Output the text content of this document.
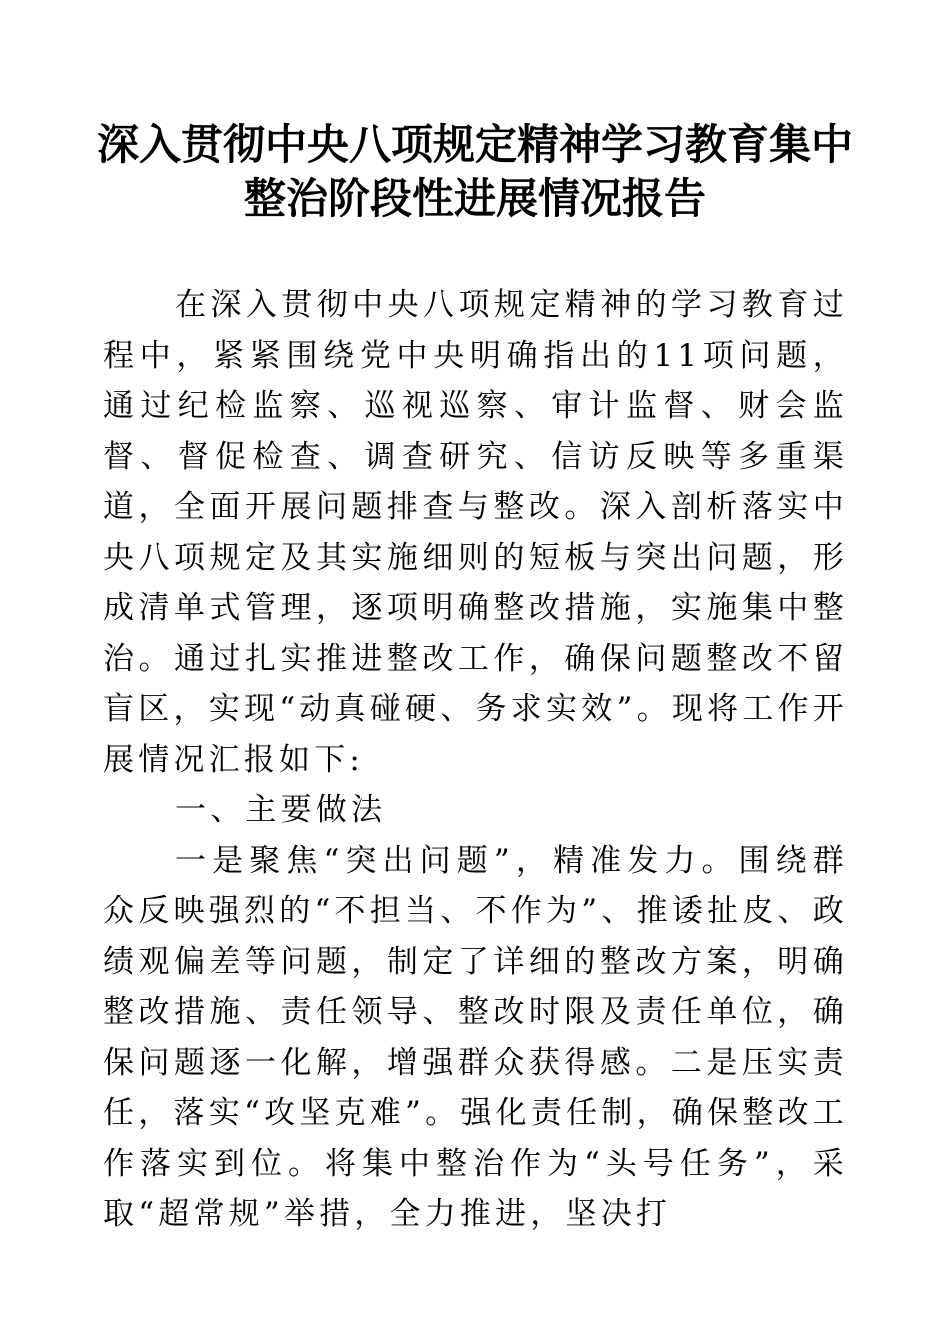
深入贯彻中央八项规定精神学习教育集中
整治阶段性进展情况报告

在深入贯彻中央八项规定精神的学习教育过程中，紧紧围绕党中央明确指出的11项问题，通过纪检监察、巡视巡察、审计监督、财会监督、督促检查、调查研究、信访反映等多重渠道，全面开展问题排查与整改。深入剖析落实中央八项规定及其实施细则的短板与突出问题，形成清单式管理，逐项明确整改措施，实施集中整治。通过扎实推进整改工作，确保问题整改不留盲区，实现“动真碰硬、务求实效”。现将工作开展情况汇报如下:

一、主要做法

一是聚焦“突出问题”，精准发力。围绕群众反映强烈的“不担当、不作为”、推诿扯皮、政绩观偏差等问题，制定了详细的整改方案，明确整改措施、责任领导、整改时限及责任单位，确保问题逐一化解，增强群众获得感。二是压实责任，落实“攻坚克难”。强化责任制，确保整改工作落实到位。将集中整治作为“头号任务”，采取“超常规”举措，全力推进，坚决打
